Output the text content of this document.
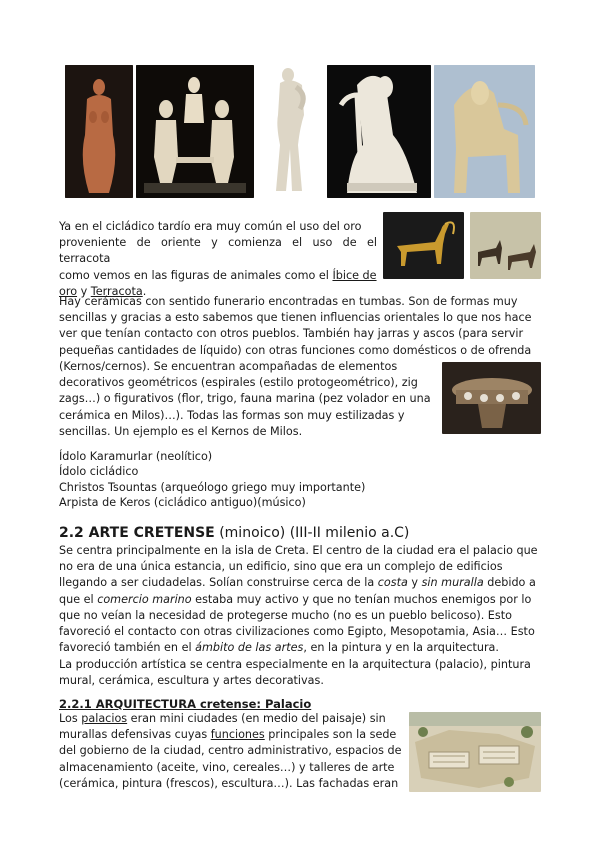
Ya en el cicládico tardío era muy común el uso del oro
proveniente de oriente y comienza el uso de el terracota
como vemos en las figuras de animales como el Íbice de
oro y Terracota.
Hay cerámicas con sentido funerario encontradas en tumbas. Son de formas muy
sencillas y gracias a esto sabemos que tienen influencias orientales lo que nos hace
ver que tenían contacto con otros pueblos. También hay jarras y ascos (para servir
pequeñas cantidades de líquido) con otras funciones como domésticos o de ofrenda
(Kernos/cernos). Se encuentran acompañadas de elementos
decorativos geométricos (espirales (estilo protogeométrico), zig
zags…) o figurativos (flor, trigo, fauna marina (pez volador en una
cerámica en Milos)…). Todas las formas son muy estilizadas y
sencillas. Un ejemplo es el Kernos de Milos.
Ídolo Karamurlar (neolítico)
Ídolo cicládico
Christos Tsountas (arqueólogo griego muy importante)
Arpista de Keros (cicládico antiguo)(músico)
2.2 ARTE CRETENSE (minoico) (III-II milenio a.C)
Se centra principalmente en la isla de Creta. El centro de la ciudad era el palacio que
no era de una única estancia, un edificio, sino que era un complejo de edificios
llegando a ser ciudadelas. Solían construirse cerca de la costa y sin muralla debido a
que el comercio marino estaba muy activo y que no tenían muchos enemigos por lo
que no veían la necesidad de protegerse mucho (no es un pueblo belicoso). Esto
favoreció el contacto con otras civilizaciones como Egipto, Mesopotamia, Asia… Esto
favoreció también en el ámbito de las artes, en la pintura y en la arquitectura.
La producción artística se centra especialmente en la arquitectura (palacio), pintura
mural, cerámica, escultura y artes decorativas.
2.2.1 ARQUITECTURA cretense: Palacio
Los palacios eran mini ciudades (en medio del paisaje) sin
murallas defensivas cuyas funciones principales son la sede
del gobierno de la ciudad, centro administrativo, espacios de
almacenamiento (aceite, vino, cereales…) y talleres de arte
(cerámica, pintura (frescos), escultura…). Las fachadas eran
